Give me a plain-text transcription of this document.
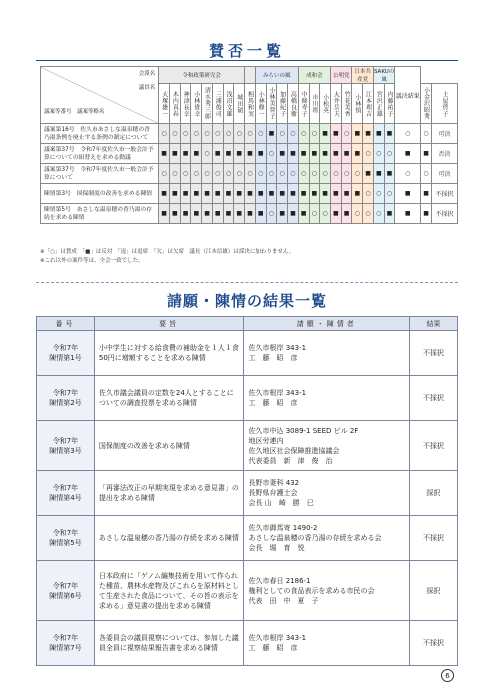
賛否一覧
会派名
議員名
議案等番号　議案等略名	令和政策研究会									みらいの風				成和会			公明党		日本共産党		SAKUの風		議決結果		
	大塚雄一	木内真春	神津長幸	小林貴幸	清水秀三郎	三浦俊司	浅沼文雄	城田碩	相馬和実	小林修一	小林美智子	加藤紀子	高橋良衛	中條寿子	市川将	小松英	大井岳夫	竹花美香	小林慎	江本理吉	宮沢正雄	内藤祐子		小金沢昭秀	土屋啓子
議案第16号　佐久市あさしな温泉穂の香乃湯条例を廃止する条例の制定について	○	○	○	○	○	○	○	○	○	○	■	○	○	○	○	■	■	○	■	■	■	■	○	○	可決
議案第37号　令和7年度佐久市一般会計予算についての組替えを求める動議	■	■	■	■	○	■	■	■	■	■	○	■	■	■	■	■	■	■	■	○	○	○	■	■	否決
議案第37号　令和7年度佐久市一般会計予算について	○	○	○	○	○	○	○	○	○	○	○	○	○	○	○	○	○	○	○	■	■	■	○	○	可決
陳情第3号　国保制度の改善を求める陳情	■	■	■	■	■	■	■	■	■	■	■	■	■	■	■	■	■	■	■	○	○	○	■	■	不採択
陳情第5号　あさしな温泉穂の香乃湯の存続を求める陳情	■	■	■	■	■	■	■	■	■	■	○	■	■	■	○	○	■	■	○	○	○	■	■	■	不採択
※「○」は賛成　「■」は反対　「退」は退席　「欠」は欠席　議長（江本信雄）は採決に加わりません。
※これ以外の案件等は、全会一致でした。
請願・陳情の結果一覧
番号	要旨	請願・陳情者	結果
令和7年
陳情第1号	小中学生に対する給食費の補助金を１人１食50円に増額することを求める陳情	佐久市根岸 343-1
工　藤　昭　彦	不採択
令和7年
陳情第2号	佐久市議会議員の定数を24人とすることについての調査投票を求める陳情	佐久市根岸 343-1
工　藤　昭　彦	不採択
令和7年
陳情第3号	国保制度の改善を求める陳情	佐久市中込 3089-1 SEED ビル 2F
地区労連内
佐久地区社会保障推進協議会
代表委員　新　津　俊　治	不採択
令和7年
陳情第4号	「再審法改正の早期実現を求める意見書」の提出を求める陳情	長野市妻科 432
長野県弁護士会
会長 山　崎　勝　巳	採択
令和7年
陳情第5号	あさしな温泉穂の香乃湯の存続を求める陳情	佐久市御馬寄 1490-2
あさしな温泉穂の香乃湯の存続を求める会
会長　堀　育　悦	不採択
令和7年
陳情第6号	日本政府に「ゲノム編集技術を用いて作られた種苗、農林水産物及びこれらを原材料として生産された食品について、その旨の表示を求める」意見書の提出を求める陳情	佐久市春日 2186-1
権利としての食品表示を求める市民の会
代表　田　中　夏　子	採択
令和7年
陳情第7号	各委員会の議員視察については、参加した議員全員に視察結果報告書を求める陳情	佐久市根岸 343-1
工　藤　昭　彦	不採択
6
